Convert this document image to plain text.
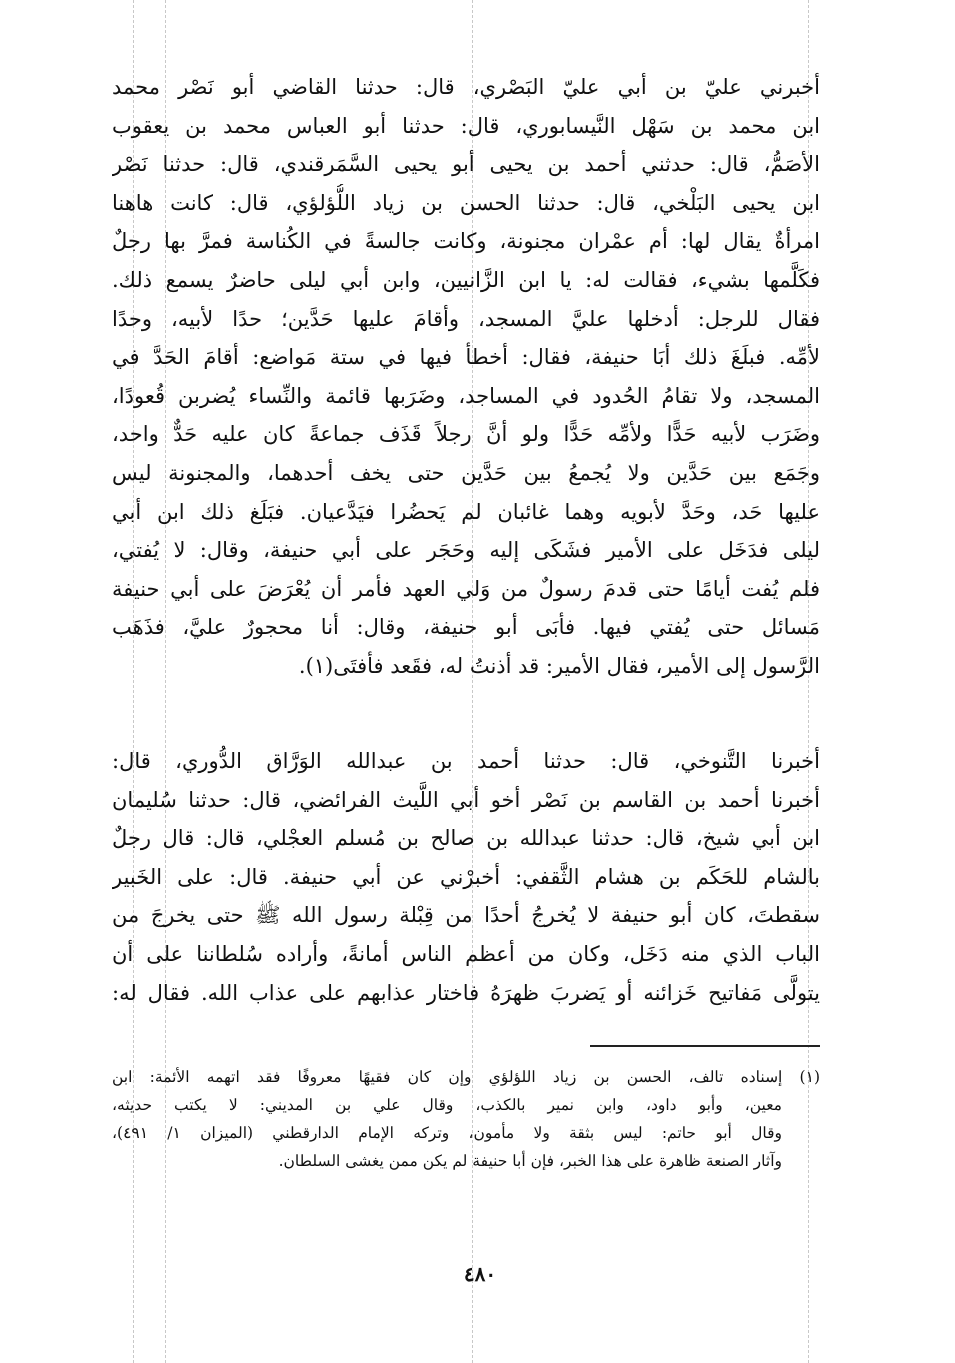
أخبرني عليّ بن أبي عليّ البَصْري، قال: حدثنا القاضي أبو نَصْر محمد
ابن محمد بن سَهْل النَّيسابوري، قال: حدثنا أبو العباس محمد بن يعقوب
الأصَمُّ، قال: حدثني أحمد بن يحيى أبو يحيى السَّمَرقندي، قال: حدثنا نَصْر
ابن يحيى البَلْخي، قال: حدثنا الحسن بن زياد اللُّؤلؤي، قال: كانت هاهنا
امرأةٌ يقال لها: أم عمْران مجنونة، وكانت جالسةً في الكُناسة فمرَّ بها رجلٌ
فكَلَّمها بشيء، فقالت له: يا ابن الزَّانيين، وابن أبي ليلى حاضرٌ يسمع ذلك.
فقال للرجل: أدخلها عليَّ المسجد، وأقامَ عليها حَدَّين؛ حدًا لأبيه، وحدًا
لأمِّه. فبلَغَ ذلك أبَا حنيفة، فقال: أخطأ فيها في ستة مَواضع: أقامَ الحَدَّ في
المسجد، ولا تقامُ الحُدود في المساجد، وضَرَبها قائمة والنِّساء يُضربن قُعودًا،
وضَرَب لأبيه حَدًّا ولأمِّه حَدًّا ولو أنَّ رجلاً قَذَف جماعةً كان عليه حَدٌّ واحد،
وجَمَع بين حَدَّين ولا يُجمعُ بين حَدَّين حتى يخف أحدهما، والمجنونة ليس
عليها حَد، وحَدَّ لأبويه وهما غائبان لم يَحضُرا فيَدَّعيان. فبَلَغ ذلك ابن أبي
ليلى فدَخَل على الأمير فشَكَى إليه وحَجَر على أبي حنيفة، وقال: لا يُفتي،
فلم يُفت أيامًا حتى قدمَ رسولٌ من وَلي العهد فأمر أن يُعْرَضَ على أبي حنيفة
مَسائل حتى يُفتي فيها. فأبَى أبو حنيفة، وقال: أنا محجورٌ عليَّ، فذَهَب
الرَّسول إلى الأمير، فقال الأمير: قد أذنتُ له، فقَعد فأفتَى(١).
أخبرنا التَّنوخي، قال: حدثنا أحمد بن عبدالله الوَرَّاق الدُّوري، قال:
أخبرنا أحمد بن القاسم بن نَصْر أخو أبي اللَّيث الفرائضي، قال: حدثنا سُليمان
ابن أبي شيخ، قال: حدثنا عبدالله بن صالح بن مُسلم العجْلي، قال: قال رجلٌ
بالشام للحَكَم بن هشام الثَّقفي: أخبرْني عن أبي حنيفة. قال: على الخَبير
سقطتَ، كان أبو حنيفة لا يُخرجُ أحدًا من قِبْلة رسول الله ﷺ حتى يخرجَ من
الباب الذي منه دَخَل، وكان من أعظم الناس أمانةً، وأراده سُلطاننا على أن
يتولَّى مَفاتيح خَزائنه أو يَضربَ ظهرَهُ فاختار عذابهم على عذاب الله. فقال له:
(١) إسناده تالف، الحسن بن زياد اللؤلؤي وإن كان فقيهًا معروفًا فقد اتهمه الأئمة: ابن
معين، وأبو داود، وابن نمير بالكذب، وقال علي بن المديني: لا يكتب حديثه،
وقال أبو حاتم: ليس بثقة ولا مأمون، وتركه الإمام الدارقطني (الميزان ١/ ٤٩١)،
وآثار الصنعة ظاهرة على هذا الخبر، فإن أبا حنيفة لم يكن ممن يغشى السلطان.
٤٨٠
